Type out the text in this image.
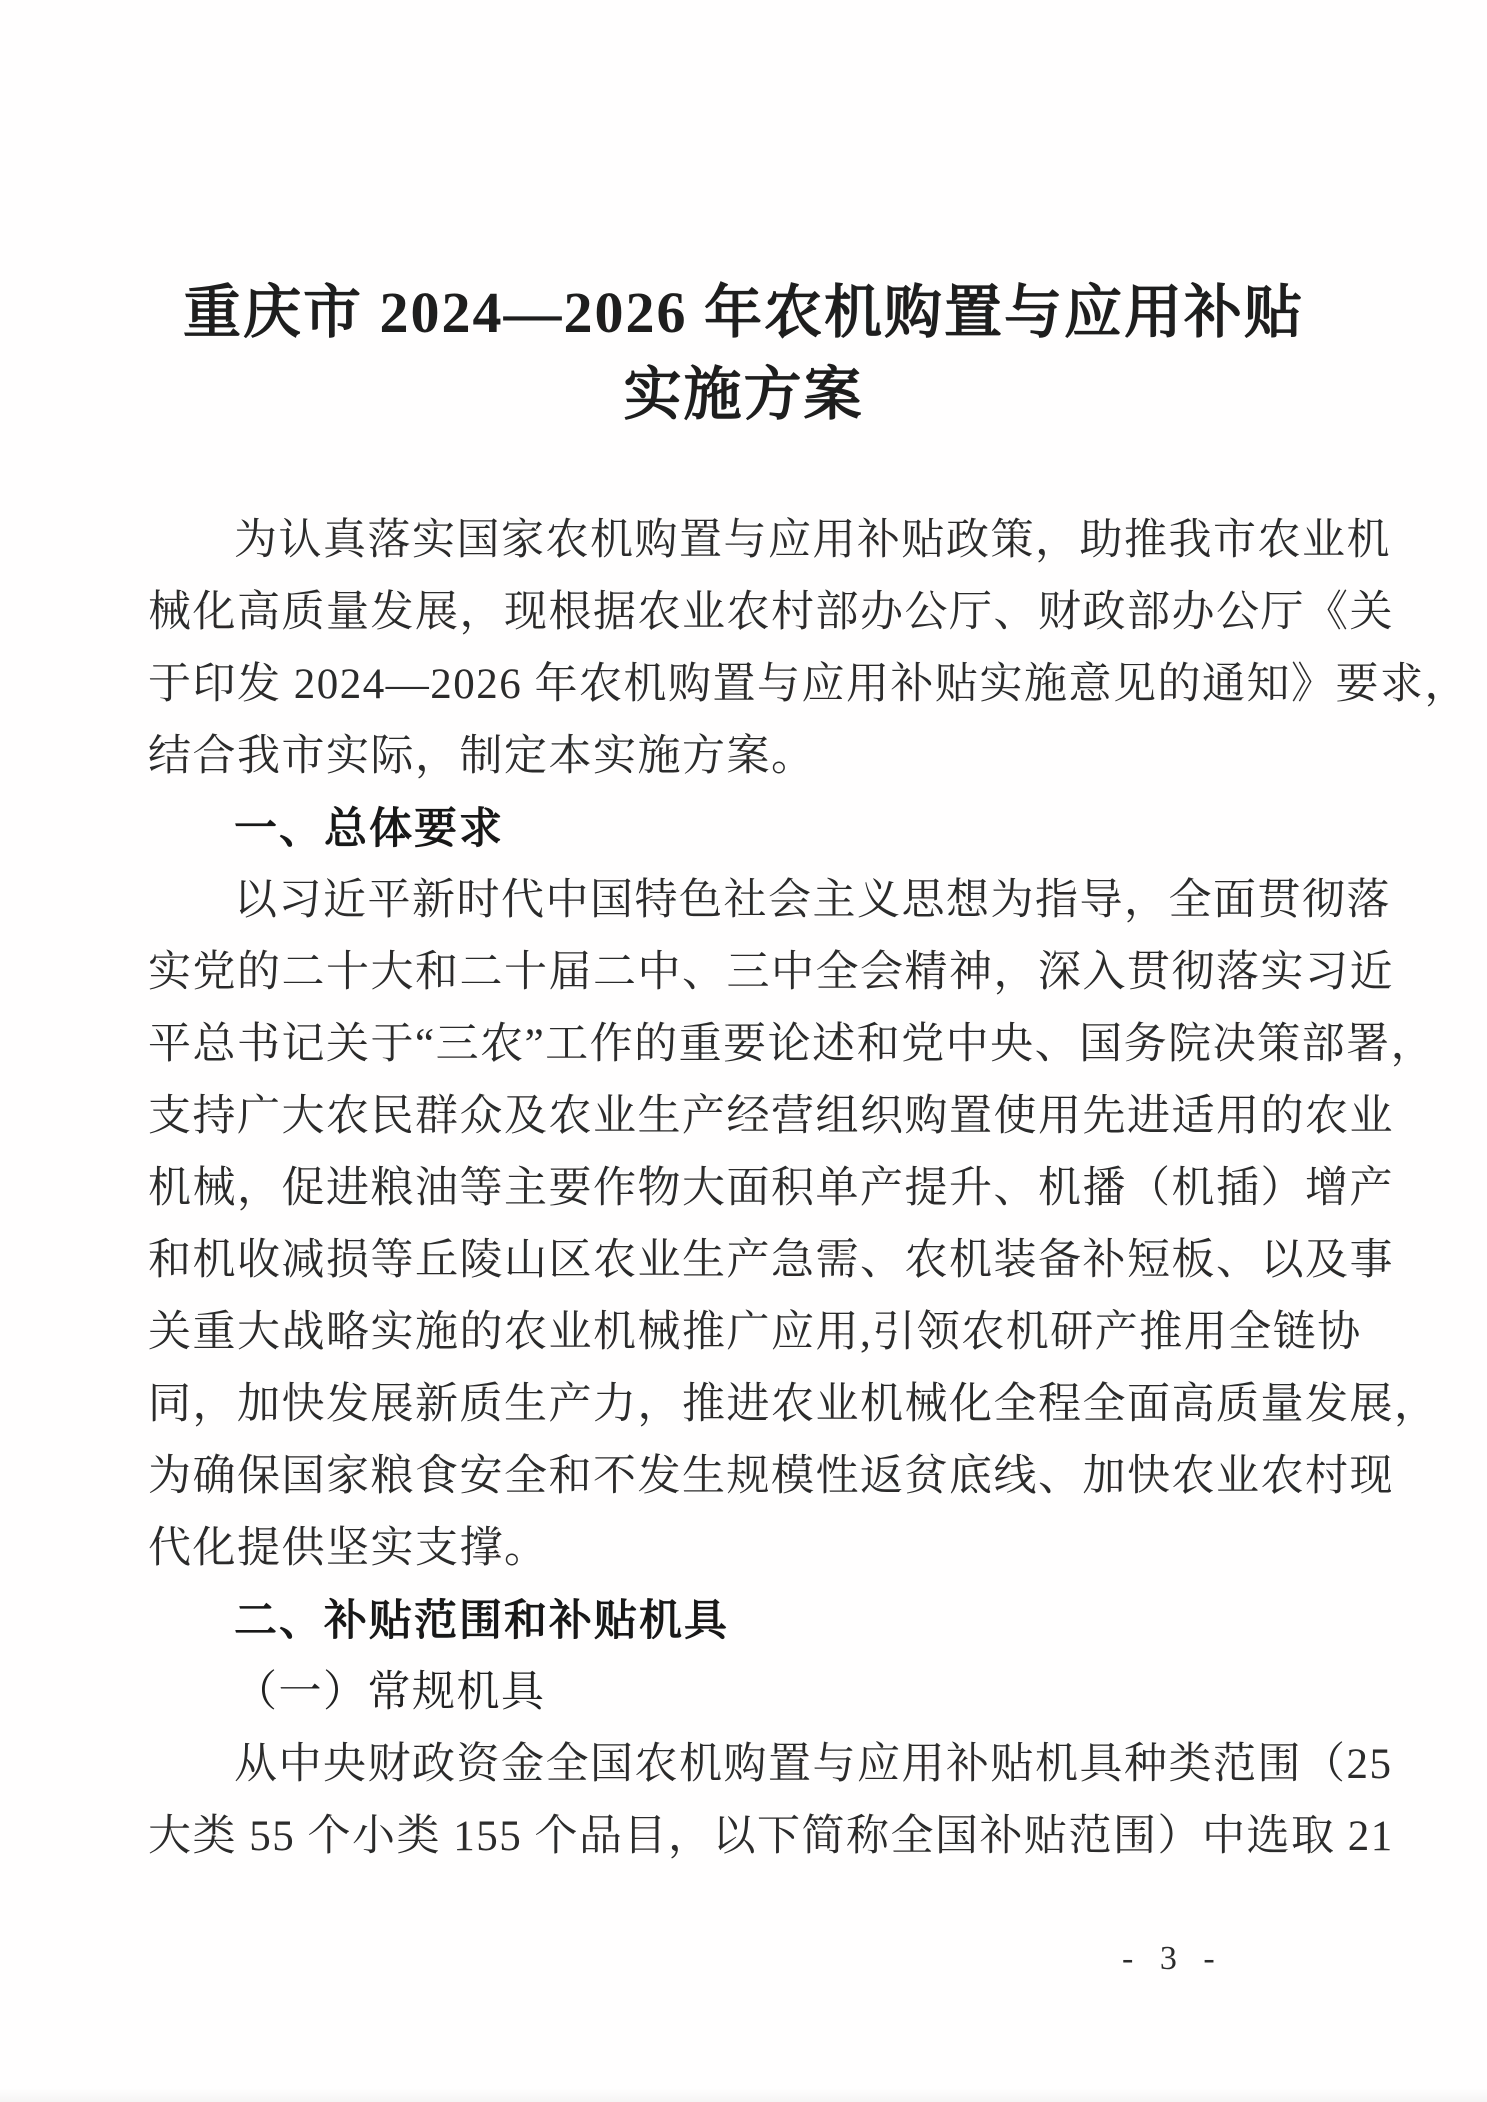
重庆市 2024—2026 年农机购置与应用补贴
实施方案
为认真落实国家农机购置与应用补贴政策，助推我市农业机
械化高质量发展，现根据农业农村部办公厅、财政部办公厅《关
于印发 2024—2026 年农机购置与应用补贴实施意见的通知》要求，
结合我市实际，制定本实施方案。
一、总体要求
以习近平新时代中国特色社会主义思想为指导，全面贯彻落
实党的二十大和二十届二中、三中全会精神，深入贯彻落实习近
平总书记关于“三农”工作的重要论述和党中央、国务院决策部署，
支持广大农民群众及农业生产经营组织购置使用先进适用的农业
机械，促进粮油等主要作物大面积单产提升、机播（机插）增产
和机收减损等丘陵山区农业生产急需、农机装备补短板、以及事
关重大战略实施的农业机械推广应用,引领农机研产推用全链协
同，加快发展新质生产力，推进农业机械化全程全面高质量发展，
为确保国家粮食安全和不发生规模性返贫底线、加快农业农村现
代化提供坚实支撑。
二、补贴范围和补贴机具
（一）常规机具
从中央财政资金全国农机购置与应用补贴机具种类范围（25
大类 55 个小类 155 个品目，以下简称全国补贴范围）中选取 21
- 3 -
